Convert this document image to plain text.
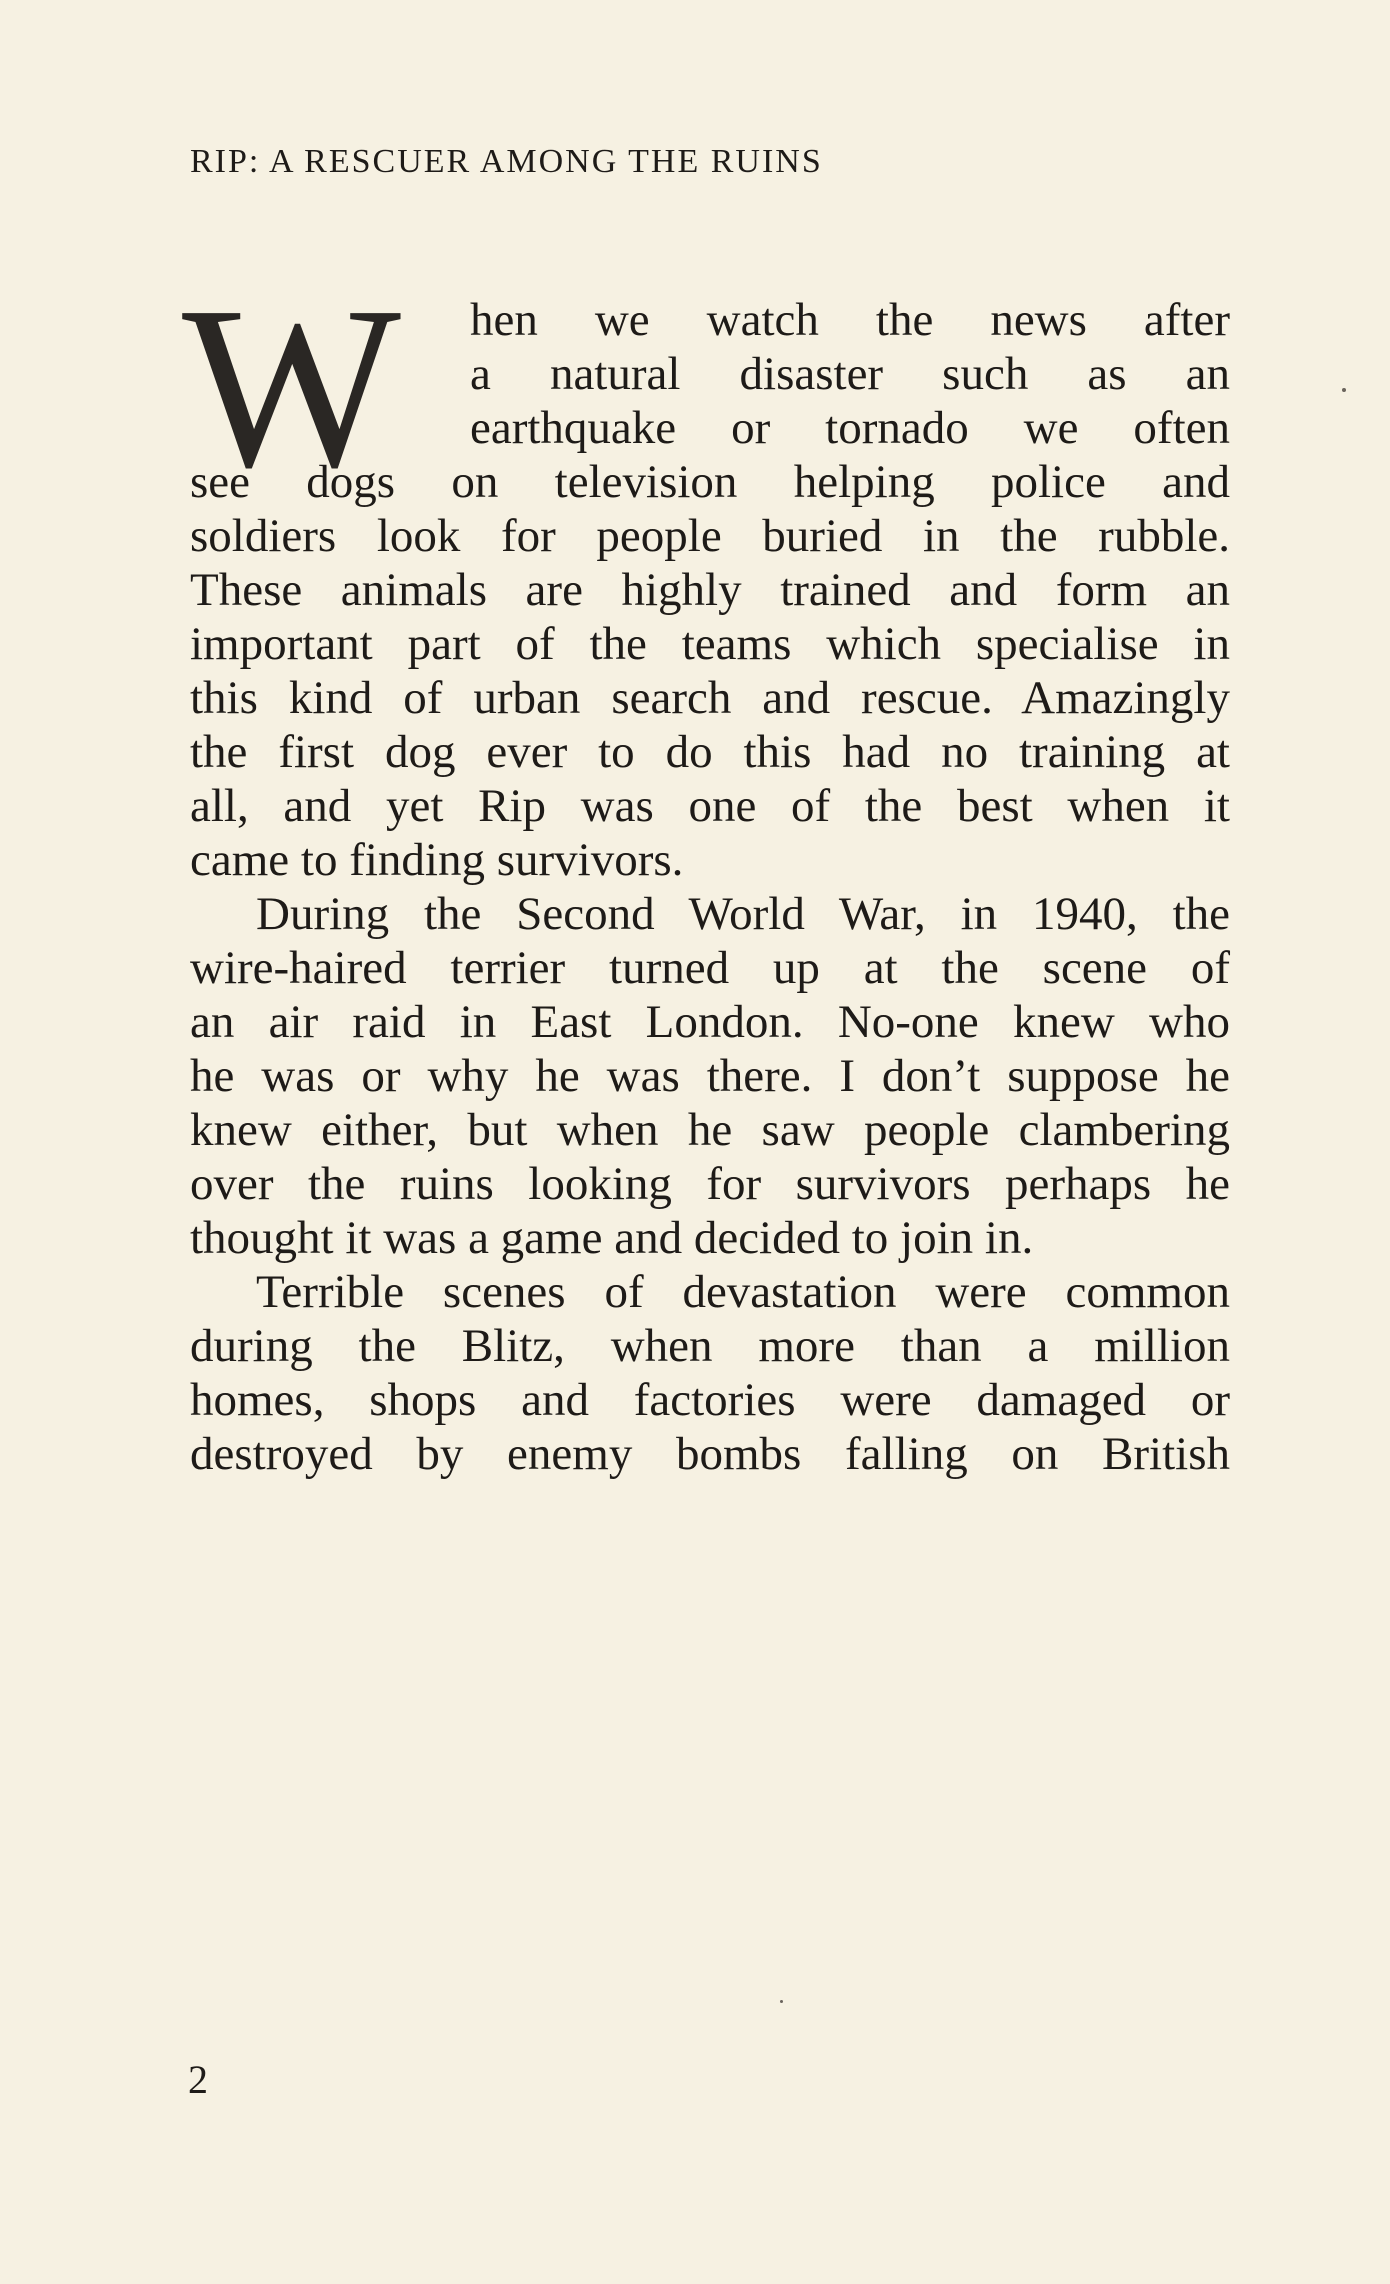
RIP: A RESCUER AMONG THE RUINS
W hen we watch the news after
a natural disaster such as an
earthquake or tornado we often
see dogs on television helping police and
soldiers look for people buried in the rubble.
These animals are highly trained and form an
important part of the teams which specialise in
this kind of urban search and rescue. Amazingly
the first dog ever to do this had no training at
all, and yet Rip was one of the best when it
came to finding survivors.
During the Second World War, in 1940, the
wire-haired terrier turned up at the scene of
an air raid in East London. No-one knew who
he was or why he was there. I don’t suppose he
knew either, but when he saw people clambering
over the ruins looking for survivors perhaps he
thought it was a game and decided to join in.
Terrible scenes of devastation were common
during the Blitz, when more than a million
homes, shops and factories were damaged or
destroyed by enemy bombs falling on British
2
